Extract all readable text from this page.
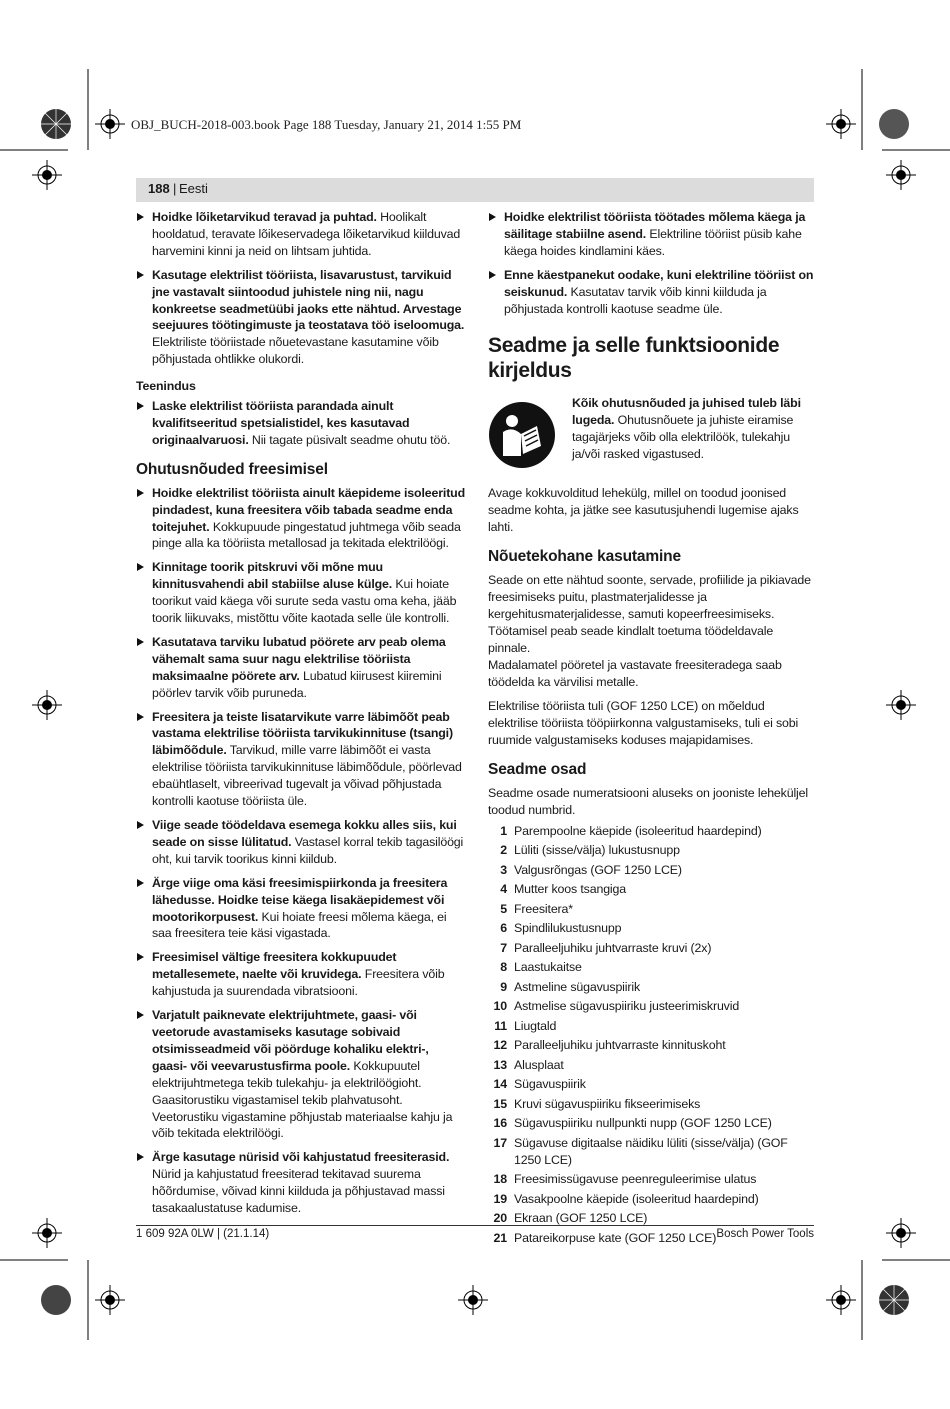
OBJ_BUCH-2018-003.book Page 188 Tuesday, January 21, 2014 1:55 PM
188 | Eesti
Hoidke lõiketarvikud teravad ja puhtad. Hoolikalt hooldatud, teravate lõikeservadega lõiketarvikud kiilduvad harvemini kinni ja neid on lihtsam juhtida.
Kasutage elektrilist tööriista, lisavarustust, tarvikuid jne vastavalt siintoodud juhistele ning nii, nagu konkreetse seadmetüübi jaoks ette nähtud. Arvestage seejuures töötingimuste ja teostatava töö iseloomuga. Elektriliste tööriistade nõuetevastane kasutamine võib põhjustada ohtlikke olukordi.
Teenindus
Laske elektrilist tööriista parandada ainult kvalifitseeritud spetsialistidel, kes kasutavad originaalvaruosi. Nii tagate püsivalt seadme ohutu töö.
Ohutusnõuded freesimisel
Hoidke elektrilist tööriista ainult käepideme isoleeritud pindadest, kuna freesitera võib tabada seadme enda toitejuhet. Kokkupuude pingestatud juhtmega võib seada pinge alla ka tööriista metallosad ja tekitada elektrilöögi.
Kinnitage toorik pitskruvi või mõne muu kinnitusvahendi abil stabiilse aluse külge. Kui hoiate toorikut vaid käega või surute seda vastu oma keha, jääb toorik liikuvaks, mistõttu võite kaotada selle üle kontrolli.
Kasutatava tarviku lubatud pöörete arv peab olema vähemalt sama suur nagu elektrilise tööriista maksimaalne pöörete arv. Lubatud kiirusest kiiremini pöörlev tarvik võib puruneda.
Freesitera ja teiste lisatarvikute varre läbimõõt peab vastama elektrilise tööriista tarvikukinnituse (tsangi) läbimõõdule. Tarvikud, mille varre läbimõõt ei vasta elektrilise tööriista tarvikukinnituse läbimõõdule, pöörlevad ebaühtlaselt, vibreerivad tugevalt ja võivad põhjustada kontrolli kaotuse tööriista üle.
Viige seade töödeldava esemega kokku alles siis, kui seade on sisse lülitatud. Vastasel korral tekib tagasilöögi oht, kui tarvik toorikus kinni kiildub.
Ärge viige oma käsi freesimispiirkonda ja freesitera lähedusse. Hoidke teise käega lisakäepidemest või mootorikorpusest. Kui hoiate freesi mõlema käega, ei saa freesitera teie käsi vigastada.
Freesimisel vältige freesitera kokkupuudet metallesemete, naelte või kruvidega. Freesitera võib kahjustuda ja suurendada vibratsiooni.
Varjatult paiknevate elektrijuhtmete, gaasi- või veetorude avastamiseks kasutage sobivaid otsimisseadmeid või pöörduge kohaliku elektri-, gaasi- või veevarustusfirma poole. Kokkupuutel elektrijuhtmetega tekib tulekahju- ja elektrilöögioht. Gaasitorustiku vigastamisel tekib plahvatusoht. Veetorustiku vigastamine põhjustab materiaalse kahju ja võib tekitada elektrilöögi.
Ärge kasutage nürisid või kahjustatud freesiterasid. Nürid ja kahjustatud freesiterad tekitavad suurema hõõrdumise, võivad kinni kiilduda ja põhjustavad massi tasakaalustatuse kadumise.
Hoidke elektrilist tööriista töötades mõlema käega ja säilitage stabiilne asend. Elektriline tööriist püsib kahe käega hoides kindlamini käes.
Enne käestpanekut oodake, kuni elektriline tööriist on seiskunud. Kasutatav tarvik võib kinni kiilduda ja põhjustada kontrolli kaotuse seadme üle.
Seadme ja selle funktsioonide kirjeldus
Kõik ohutusnõuded ja juhised tuleb läbi lugeda. Ohutusnõuete ja juhiste eiramise tagajärjeks võib olla elektrilöök, tulekahju ja/või rasked vigastused.
Avage kokkuvolditud lehekülg, millel on toodud joonised seadme kohta, ja jätke see kasutusjuhendi lugemise ajaks lahti.
Nõuetekohane kasutamine
Seade on ette nähtud soonte, servade, profiilide ja pikiavade freesimiseks puitu, plastmaterjalidesse ja kergehitusmaterjalidesse, samuti kopeerfreesimiseks. Töötamisel peab seade kindlalt toetuma töödeldavale pinnale.
Madalamatel pööretel ja vastavate freesiteradega saab töödelda ka värvilisi metalle.
Elektrilise tööriista tuli (GOF 1250 LCE) on mõeldud elektrilise tööriista tööpiirkonna valgustamiseks, tuli ei sobi ruumide valgustamiseks koduses majapidamises.
Seadme osad
Seadme osade numeratsiooni aluseks on jooniste leheküljel toodud numbrid.
1 Parempoolne käepide (isoleeritud haardepind)
2 Lüliti (sisse/välja) lukustusnupp
3 Valgusrõngas (GOF 1250 LCE)
4 Mutter koos tsangiga
5 Freesitera*
6 Spindlilukustusnupp
7 Paralleeljuhiku juhtvarraste kruvi (2x)
8 Laastukaitse
9 Astmeline sügavuspiirik
10 Astmelise sügavuspiiriku justeerimiskruvid
11 Liugtald
12 Paralleeljuhiku juhtvarraste kinnituskoht
13 Alusplaat
14 Sügavuspiirik
15 Kruvi sügavuspiiriku fikseerimiseks
16 Sügavuspiiriku nullpunkti nupp (GOF 1250 LCE)
17 Sügavuse digitaalse näidiku lüliti (sisse/välja) (GOF 1250 LCE)
18 Freesimissügavuse peenreguleerimise ulatus
19 Vasakpoolne käepide (isoleeritud haardepind)
20 Ekraan (GOF 1250 LCE)
21 Patareikorpuse kate (GOF 1250 LCE)
1 609 92A 0LW | (21.1.14)	Bosch Power Tools
